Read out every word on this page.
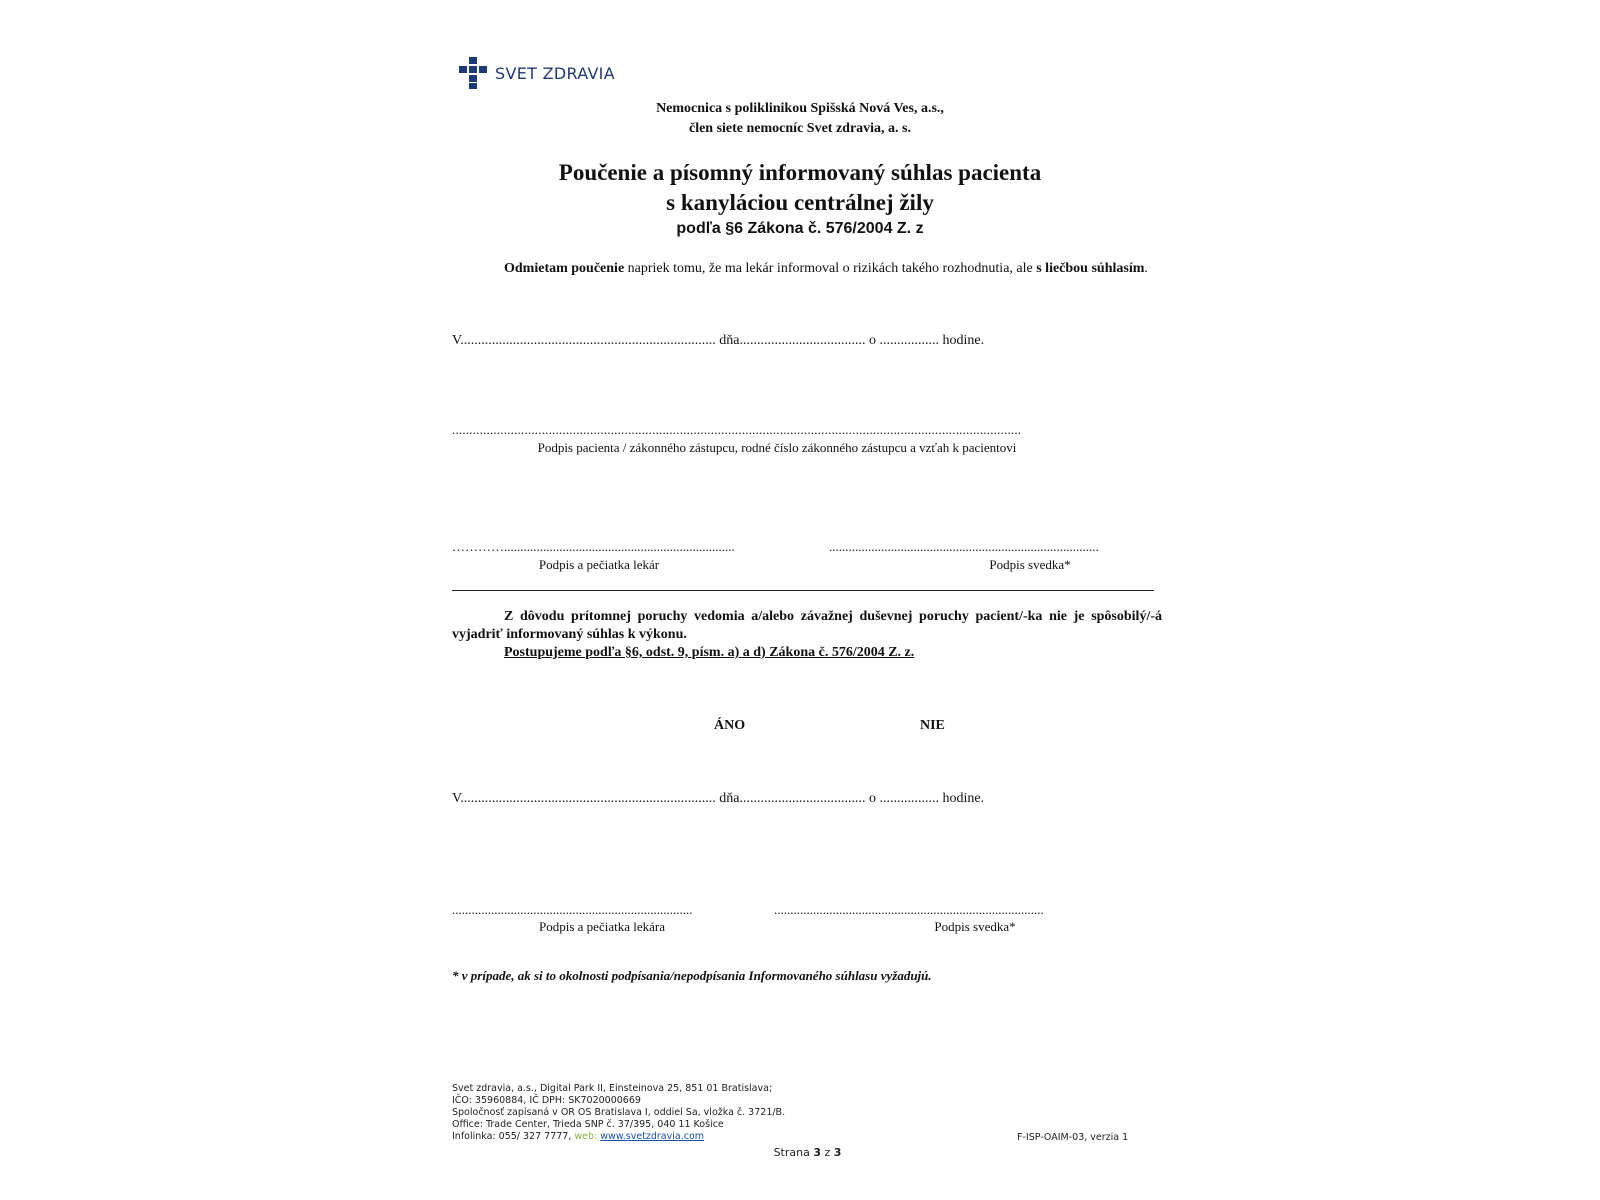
SVET ZDRAVIA
Nemocnica s poliklinikou Spišská Nová Ves, a.s.,
člen siete nemocníc Svet zdravia, a. s.
Poučenie a písomný informovaný súhlas pacienta
s kanyláciou centrálnej žily
podľa §6 Zákona č. 576/2004 Z. z
Odmietam poučenie napriek tomu, že ma lekár informoval o rizikách takého rozhodnutia, ale s liečbou súhlasím.
V......................................................................... dňa.................................... o ................. hodine.
.....................................................................................................................................................................
Podpis pacienta / zákonného zástupcu, rodné číslo zákonného zástupcu a vzťah k pacientovi
………….......................................................................
Podpis a pečiatka lekár
...................................................................................
Podpis svedka*
Z dôvodu prítomnej poruchy vedomia a/alebo závažnej duševnej poruchy pacient/-ka nie je spôsobilý/-á vyjadriť informovaný súhlas k výkonu.
Postupujeme podľa §6, odst. 9, písm. a) a d) Zákona č. 576/2004 Z. z.
ÁNO	NIE
V......................................................................... dňa.................................... o ................. hodine.
..........................................................................
Podpis a pečiatka lekára
...................................................................................
Podpis svedka*
* v prípade, ak si to okolnosti podpísania/nepodpísania Informovaného súhlasu vyžadujú.
Svet zdravia, a.s., Digital Park II, Einsteinova 25, 851 01 Bratislava;
IČO: 35960884, IČ DPH: SK7020000669
Spoločnosť zapísaná v OR OS Bratislava I, oddiel Sa, vložka č. 3721/B.
Office: Trade Center, Trieda SNP č. 37/395, 040 11 Košice
Infolinka: 055/ 327 7777, web: www.svetzdravia.com	F-ISP-OAIM-03, verzia 1
Strana 3 z 3
